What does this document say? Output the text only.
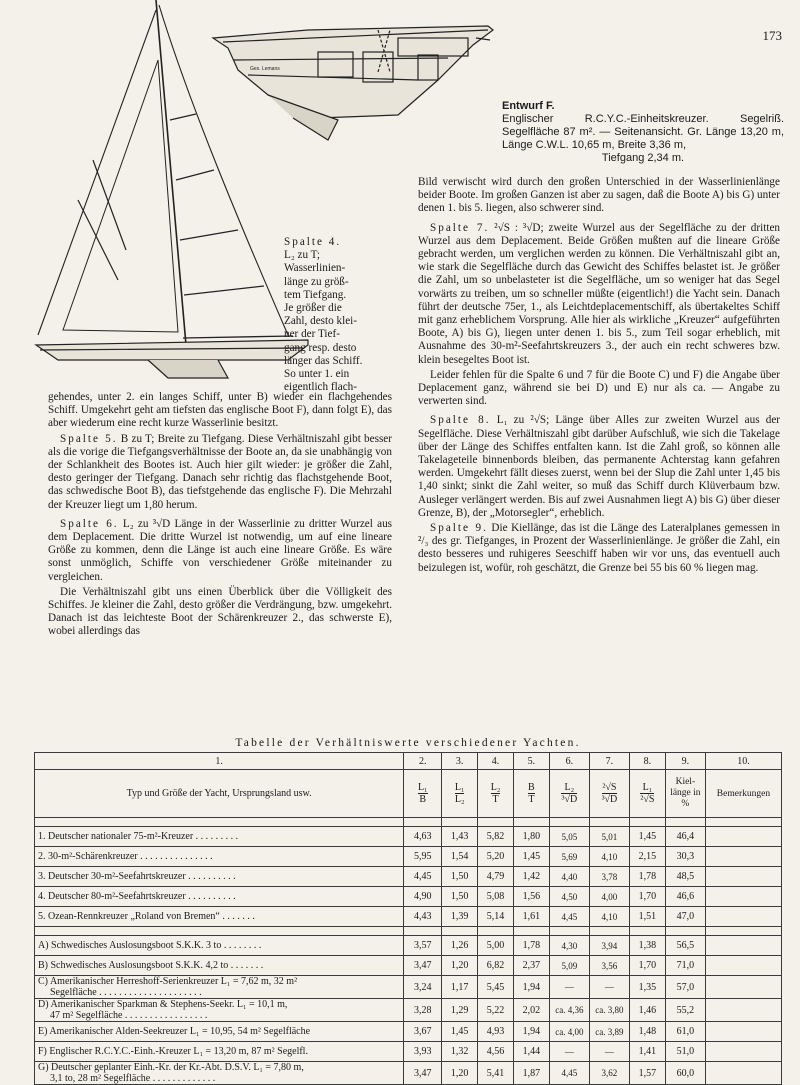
173
Ges. Lemans
Entwurf F.
Englischer R.C.Y.C.-Einheitskreuzer. Segelriß. Segelfläche 87 m². — Seitenansicht. Gr. Länge 13,20 m, Länge C.W.L. 10,65 m, Breite 3,36 m,
Tiefgang 2,34 m.
Spalte 4.
L₂ zu T;
Wasserlinien-
länge zu größ-
tem Tiefgang.
Je größer die
Zahl, desto klei-
ner der Tief-
gang resp. desto
länger das Schiff.
So unter 1. ein
eigentlich flach-

gehendes, unter 2. ein langes Schiff, unter B) wieder ein flachgehendes Schiff. Umgekehrt geht am tiefsten das englische Boot F), dann folgt E), das aber wiederum eine recht kurze Wasserlinie besitzt.

Spalte 5. B zu T; Breite zu Tiefgang. Diese Verhältniszahl gibt besser als die vorige die Tiefgangsverhältnisse der Boote an, da sie unabhängig von der Schlankheit des Bootes ist. Auch hier gilt wieder: je größer die Zahl, desto geringer der Tiefgang. Danach sehr richtig das flachstgehende Boot, das schwedische Boot B), das tiefstgehende das englische F). Die Mehrzahl der Kreuzer liegt um 1,80 herum.

Spalte 6. L₂ zu ³√D Länge in der Wasserlinie zu dritter Wurzel aus dem Deplacement. Die dritte Wurzel ist notwendig, um auf eine lineare Größe zu kommen, denn die Länge ist auch eine lineare Größe. Es wäre sonst unmöglich, Schiffe von verschiedener Größe miteinander zu vergleichen.

Die Verhältniszahl gibt uns einen Überblick über die Völligkeit des Schiffes. Je kleiner die Zahl, desto größer die Verdrängung, bzw. umgekehrt. Danach ist das leichteste Boot der Schärenkreuzer 2., das schwerste E), wobei allerdings das

Bild verwischt wird durch den großen Unterschied in der Wasserlinienlänge beider Boote. Im großen Ganzen ist aber zu sagen, daß die Boote A) bis G) unter denen 1. bis 5. liegen, also schwerer sind.

Spalte 7. ²√S : ³√D; zweite Wurzel aus der Segelfläche zu der dritten Wurzel aus dem Deplacement. Beide Größen mußten auf die lineare Größe gebracht werden, um verglichen werden zu können. Die Verhältniszahl gibt an, wie stark die Segelfläche durch das Gewicht des Schiffes belastet ist. Je größer die Zahl, um so unbelasteter ist die Segelfläche, um so weniger hat das Segel vorwärts zu treiben, um so schneller müßte (eigentlich!) die Yacht sein. Danach führt der deutsche 75er, 1., als Leichtdeplacementschiff, als übertakeltes Schiff mit ganz erheblichem Vorsprung. Alle hier als wirkliche „Kreuzer“ aufgeführten Boote, A) bis G), liegen unter denen 1. bis 5., zum Teil sogar erheblich, mit Ausnahme des 30-m²-Seefahrtskreuzers 3., der auch ein recht schweres bzw. klein besegeltes Boot ist.

Leider fehlen für die Spalte 6 und 7 für die Boote C) und F) die Angabe über Deplacement ganz, während sie bei D) und E) nur als ca. — Angabe zu verwerten sind.

Spalte 8. L₁ zu ²√S; Länge über Alles zur zweiten Wurzel aus der Segelfläche. Diese Verhältniszahl gibt darüber Aufschluß, wie sich die Takelage über der Länge des Schiffes entfalten kann. Ist die Zahl groß, so können alle Takelageteile binnenbords bleiben, das permanente Achterstag kann gefahren werden. Umgekehrt fällt dieses zuerst, wenn bei der Slup die Zahl unter 1,45 bis 1,40 sinkt; sinkt die Zahl weiter, so muß das Schiff durch Klüverbaum bzw. Ausleger verlängert werden. Bis auf zwei Ausnahmen liegt A) bis G) über dieser Grenze, B), der „Motorsegler“, erheblich.

Spalte 9. Die Kiellänge, das ist die Länge des Lateralplanes gemessen in ²/₃ des gr. Tiefganges, in Prozent der Wasserlinienlänge. Je größer die Zahl, ein desto besseres und ruhigeres Seeschiff haben wir vor uns, das eventuell auch beizulegen ist, wofür, roh geschätzt, die Grenze bei 55 bis 60 % liegen mag.

Tabelle der Verhältniswerte verschiedener Yachten.
1.	2.	3.	4.	5.	6.	7.	8.	9.	10.
Typ und Größe der Yacht, Ursprungsland usw.	$\frac{\text{L₁}}{B}$	$\frac{\text{L₁}}{\text{L₂}}$	$\frac{\text{L₂}}{T}$	$\frac{B}{T}$	$\frac{\text{L₂}}{\text{³√D}}$	$\frac{\text{²√S}}{\text{³√D}}$	$\frac{\text{L₁}}{\text{²√S}}$	Kiel-länge in %	Bemerkungen

1. Deutscher nationaler 75-m²-Kreuzer . . . . . . . . .	4,63	1,43	5,82	1,80	5,05	5,01	1,45	46,4	

2. 30-m²-Schärenkreuzer . . . . . . . . . . . . . . .	5,95	1,54	5,20	1,45	5,69	4,10	2,15	30,3	

3. Deutscher 30-m²-Seefahrtskreuzer . . . . . . . . . .	4,45	1,50	4,79	1,42	4,40	3,78	1,78	48,5	

4. Deutscher 80-m²-Seefahrtskreuzer . . . . . . . . . .	4,90	1,50	5,08	1,56	4,50	4,00	1,70	46,6	

5. Ozean-Rennkreuzer „Roland von Bremen“ . . . . . . .	4,43	1,39	5,14	1,61	4,45	4,10	1,51	47,0	

A) Schwedisches Auslosungsboot S.K.K. 3 to . . . . . . . .	3,57	1,26	5,00	1,78	4,30	3,94	1,38	56,5	

B) Schwedisches Auslosungsboot S.K.K. 4,2 to . . . . . . .	3,47	1,20	6,82	2,37	5,09	3,56	1,70	71,0	

C) Amerikanischer Herreshoff-Serienkreuzer L₁ = 7,62 m, 32 m²
Segelfläche . . . . . . . . . . . . . . . . . . . . .	3,24	1,17	5,45	1,94	—	—	1,35	57,0	

D) Amerikanischer Sparkman & Stephens-Seekr. L₁ = 10,1 m,
47 m² Segelfläche . . . . . . . . . . . . . . . . .	3,28	1,29	5,22	2,02	ca. 4,36	ca. 3,80	1,46	55,2	

E) Amerikanischer Alden-Seekreuzer L₁ = 10,95, 54 m² Segelfläche	3,67	1,45	4,93	1,94	ca. 4,00	ca. 3,89	1,48	61,0	

F) Englischer R.C.Y.C.-Einh.-Kreuzer L₁ = 13,20 m, 87 m² Segelfl.	3,93	1,32	4,56	1,44	—	—	1,41	51,0	

G) Deutscher geplanter Einh.-Kr. der Kr.-Abt. D.S.V. L₁ = 7,80 m,
3,1 to, 28 m² Segelfläche . . . . . . . . . . . . .	3,47	1,20	5,41	1,87	4,45	3,62	1,57	60,0	
